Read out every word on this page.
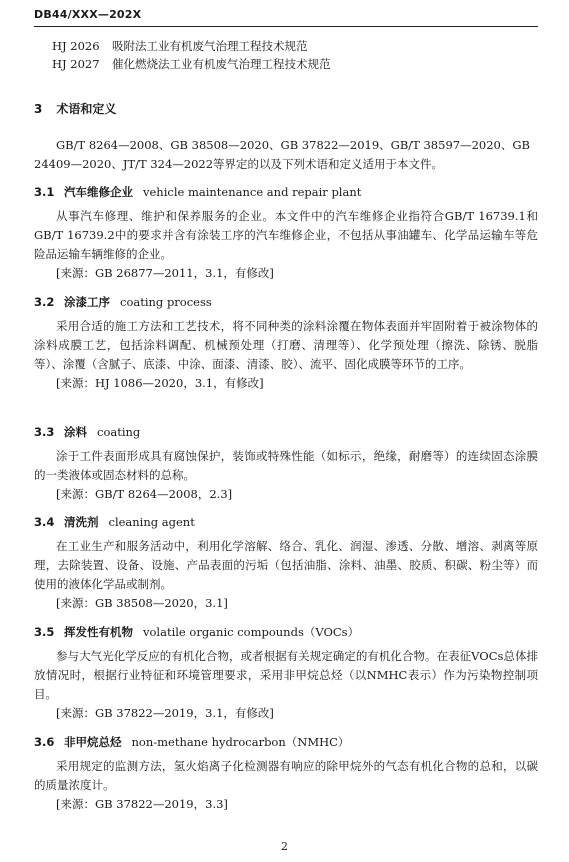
DB44/XXX—202X
HJ 2026 吸附法工业有机废气治理工程技术规范
HJ 2027 催化燃烧法工业有机废气治理工程技术规范
3 术语和定义
GB/T 8264—2008、GB 38508—2020、GB 37822—2019、GB/T 38597—2020、GB 24409—2020、JT/T 324—2022等界定的以及下列术语和定义适用于本文件。
3.1 汽车维修企业 vehicle maintenance and repair plant
从事汽车修理、维护和保养服务的企业。本文件中的汽车维修企业指符合GB/T 16739.1和GB/T 16739.2中的要求并含有涂装工序的汽车维修企业，不包括从事油罐车、化学品运输车等危险品运输车辆维修的企业。
[来源：GB 26877—2011，3.1，有修改]
3.2 涂漆工序 coating process
采用合适的施工方法和工艺技术，将不同种类的涂料涂覆在物体表面并牢固附着于被涂物体的涂料成膜工艺，包括涂料调配、机械预处理（打磨、清理等）、化学预处理（擦洗、除锈、脱脂等）、涂覆（含腻子、底漆、中涂、面漆、清漆、胶）、流平、固化成膜等环节的工序。
[来源：HJ 1086—2020，3.1，有修改]
3.3 涂料 coating
涂于工件表面形成具有腐蚀保护，装饰或特殊性能（如标示，绝缘，耐磨等）的连续固态涂膜的一类液体或固态材料的总称。
[来源：GB/T 8264—2008，2.3]
3.4 清洗剂 cleaning agent
在工业生产和服务活动中，利用化学溶解、络合、乳化、润湿、渗透、分散、增溶、剥离等原理，去除装置、设备、设施、产品表面的污垢（包括油脂、涂料、油墨、胶质、积碳、粉尘等）而使用的液体化学品或制剂。
[来源：GB 38508—2020，3.1]
3.5 挥发性有机物 volatile organic compounds（VOCs）
参与大气光化学反应的有机化合物，或者根据有关规定确定的有机化合物。在表征VOCs总体排放情况时，根据行业特征和环境管理要求，采用非甲烷总烃（以NMHC表示）作为污染物控制项目。
[来源：GB 37822—2019，3.1，有修改]
3.6 非甲烷总烃 non-methane hydrocarbon（NMHC）
采用规定的监测方法，氢火焰离子化检测器有响应的除甲烷外的气态有机化合物的总和，以碳的质量浓度计。
[来源：GB 37822—2019，3.3]
2
